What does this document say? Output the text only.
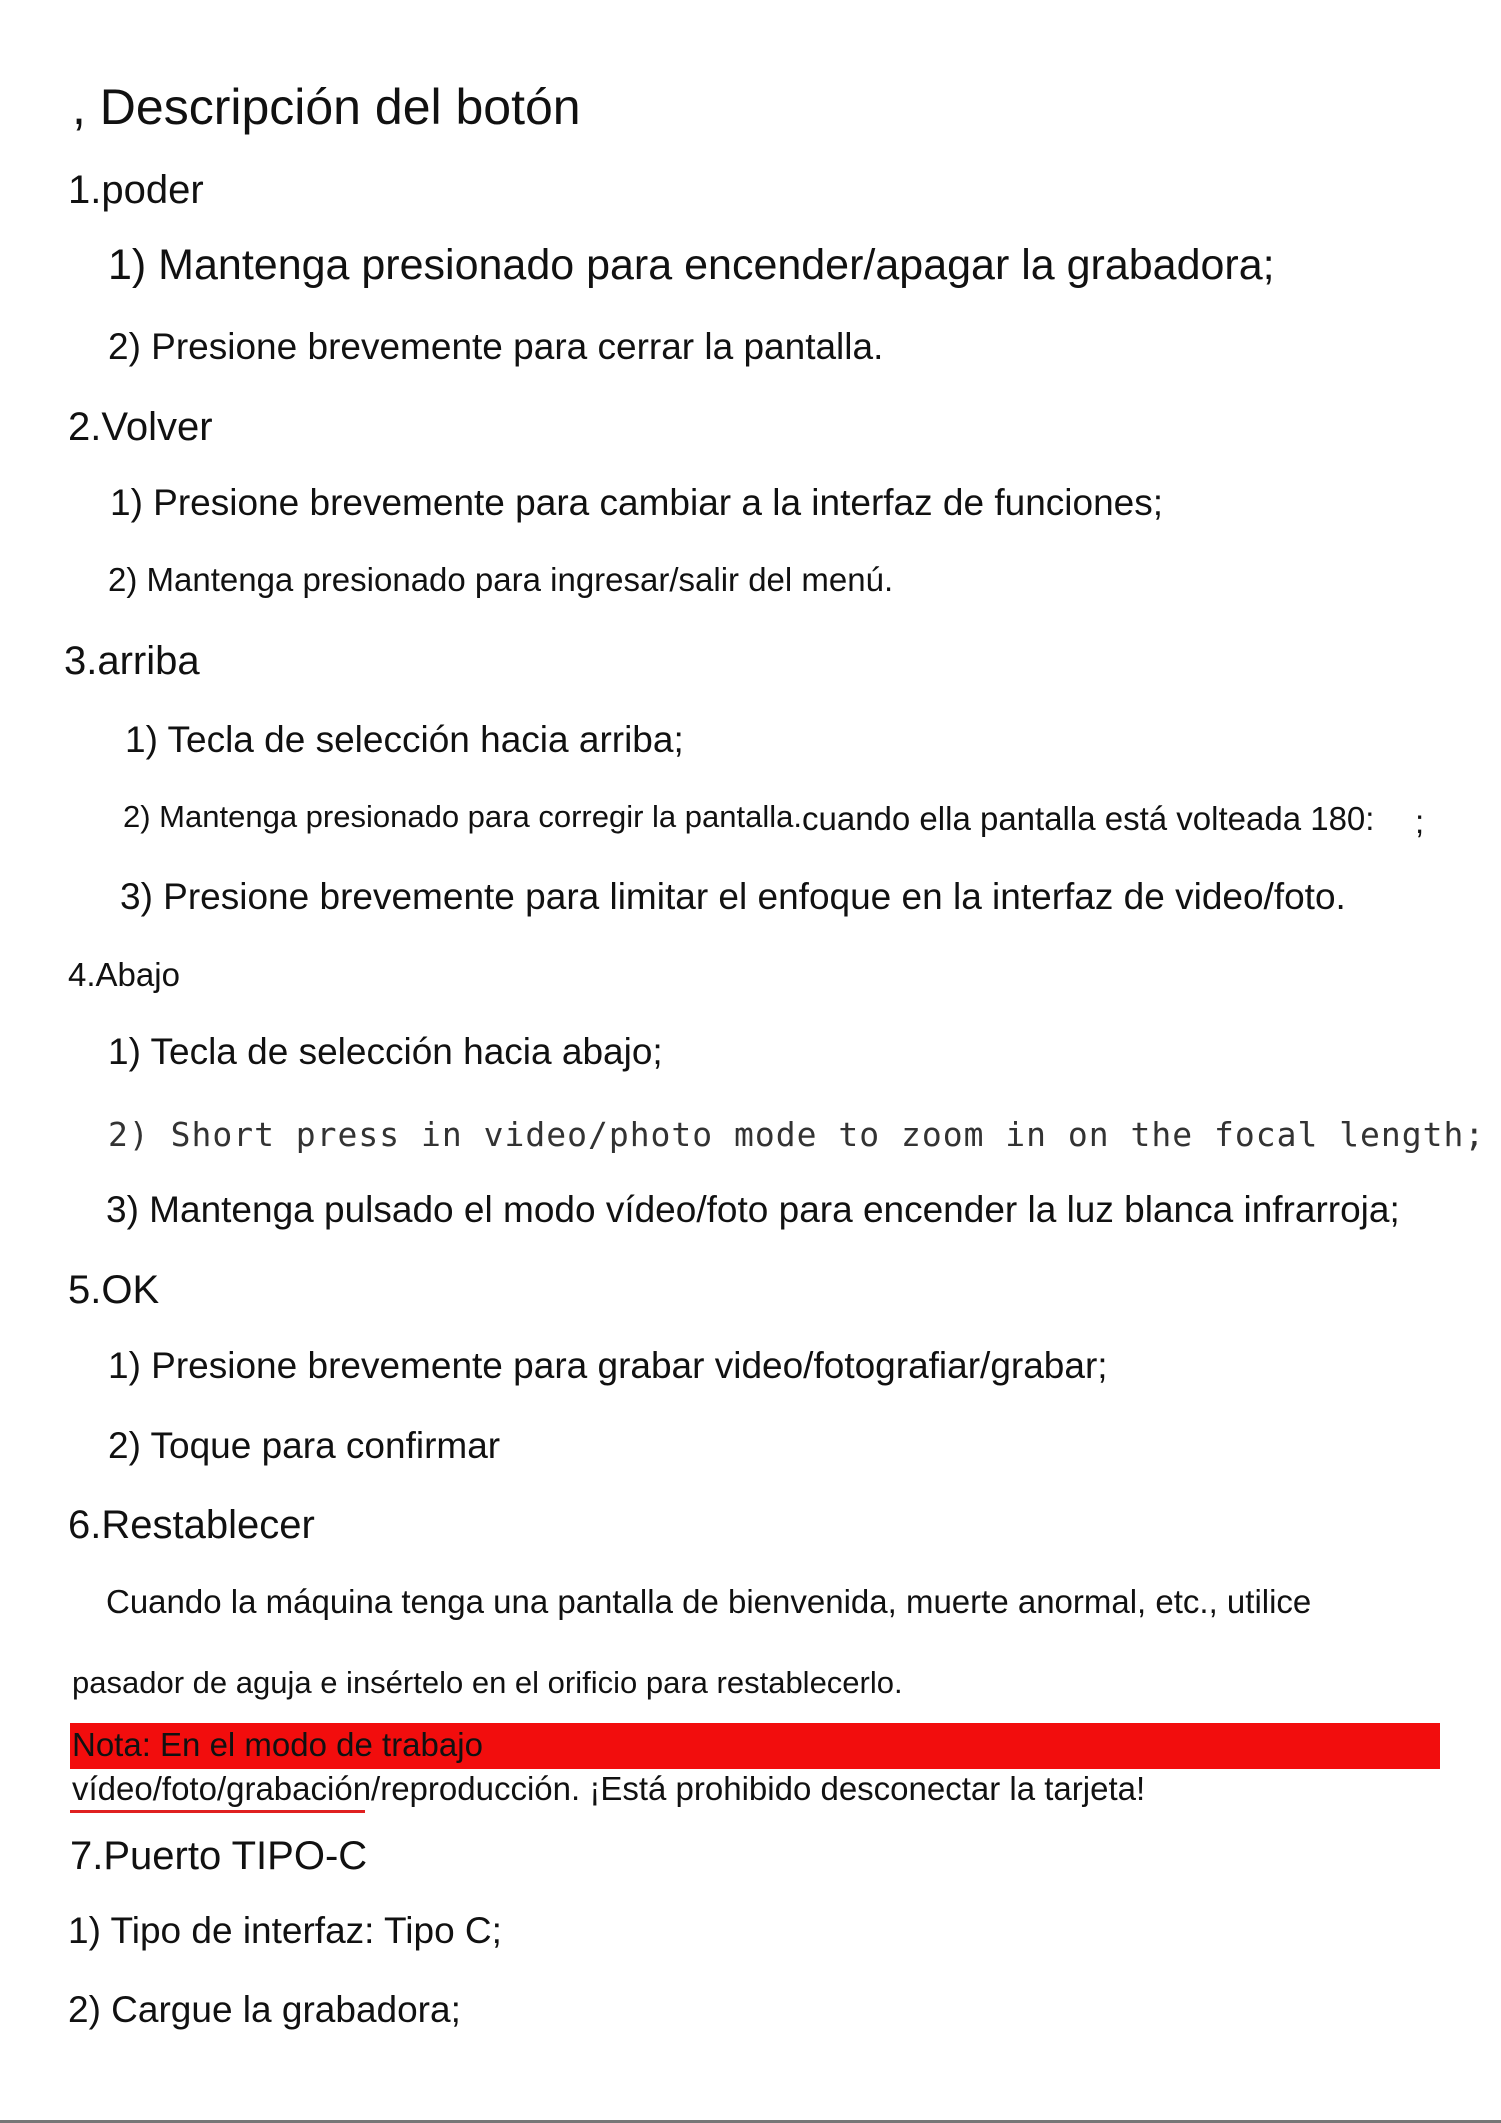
, Descripción del botón
1.poder
1) Mantenga presionado para encender/apagar la grabadora;
2) Presione brevemente para cerrar la pantalla.
2.Volver
1) Presione brevemente para cambiar a la interfaz de funciones;
2) Mantenga presionado para ingresar/salir del menú.
3.arriba
1) Tecla de selección hacia arriba;
2) Mantenga presionado para corregir la pantalla. cuando ella pantalla está volteada 180: ;
3) Presione brevemente para limitar el enfoque en la interfaz de video/foto.
4.Abajo
1) Tecla de selección hacia abajo;
2) Short press in video/photo mode to zoom in on the focal length;
3) Mantenga pulsado el modo vídeo/foto para encender la luz blanca infrarroja;
5.OK
1) Presione brevemente para grabar video/fotografiar/grabar;
2) Toque para confirmar
6.Restablecer
Cuando la máquina tenga una pantalla de bienvenida, muerte anormal, etc., utilice
pasador de aguja e insértelo en el orificio para restablecerlo.
Nota: En el modo de trabajo
vídeo/foto/grabación/reproducción. ¡Está prohibido desconectar la tarjeta!
7.Puerto TIPO-C
1) Tipo de interfaz: Tipo C;
2) Cargue la grabadora;
